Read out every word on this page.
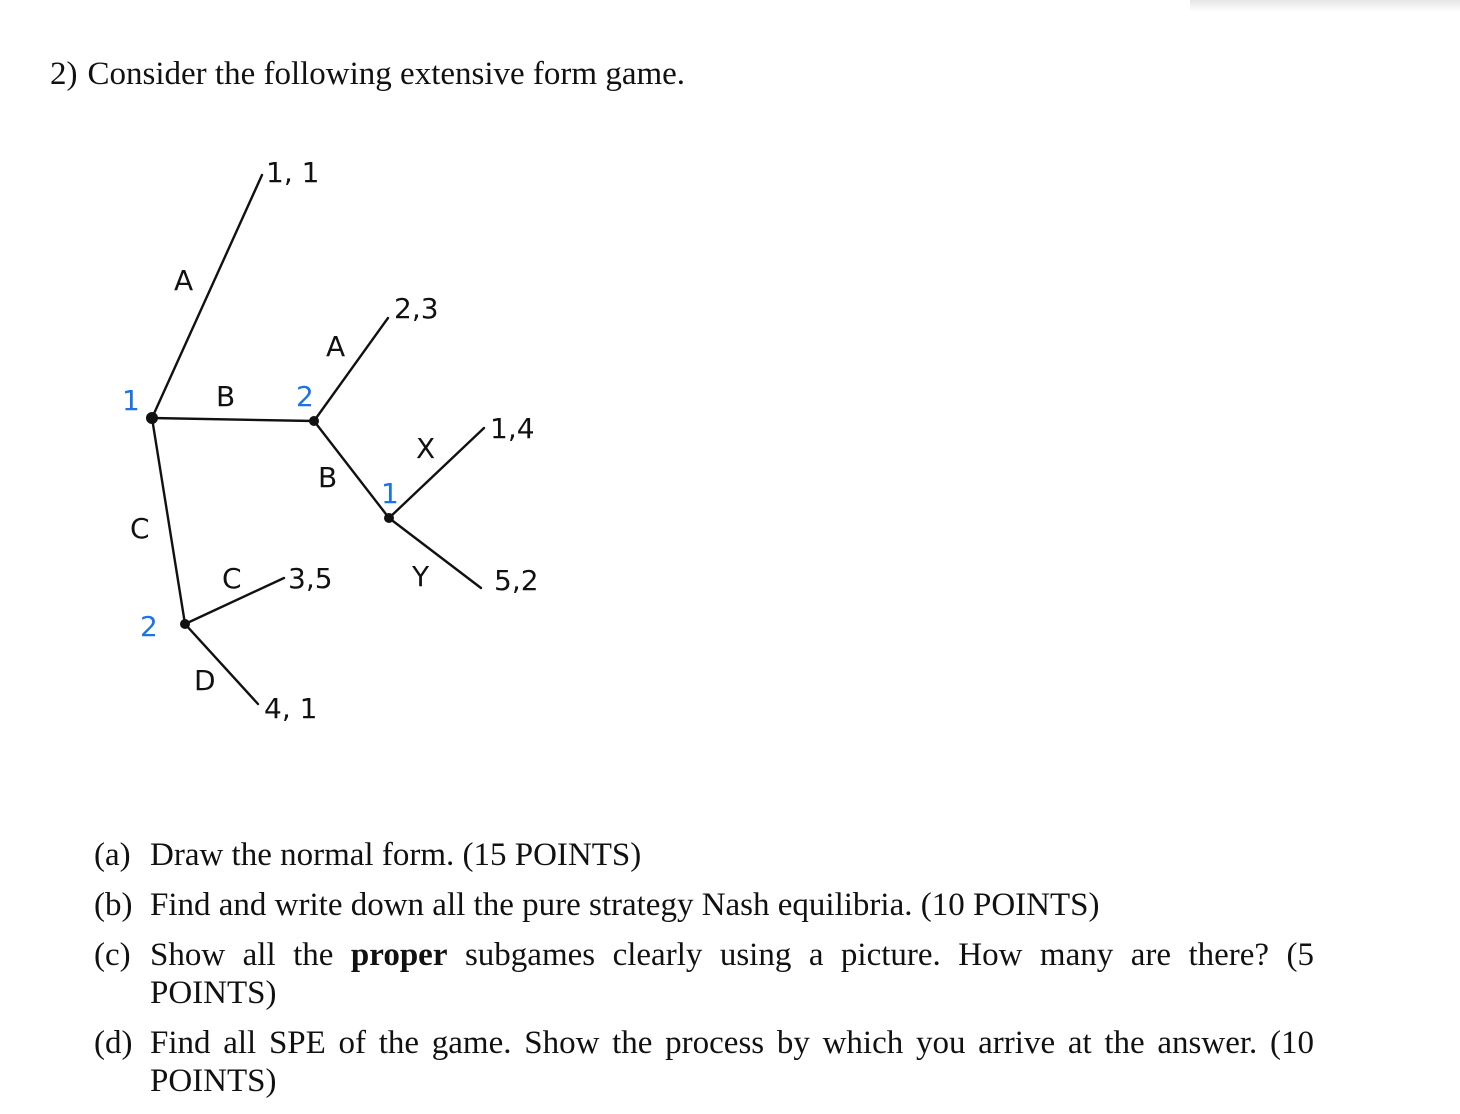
2) Consider the following extensive form game.
1	2
2
1
A
B
C
A
B
C
D
X
Y
1, 1
2,3
1,4
5,2
3,5
4, 1
(a) Draw the normal form. (15 POINTS)
(b) Find and write down all the pure strategy Nash equilibria. (10 POINTS)
(c) Show all the proper subgames clearly using a picture. How many are there? (5 POINTS)
(d) Find all SPE of the game. Show the process by which you arrive at the answer. (10 POINTS)
